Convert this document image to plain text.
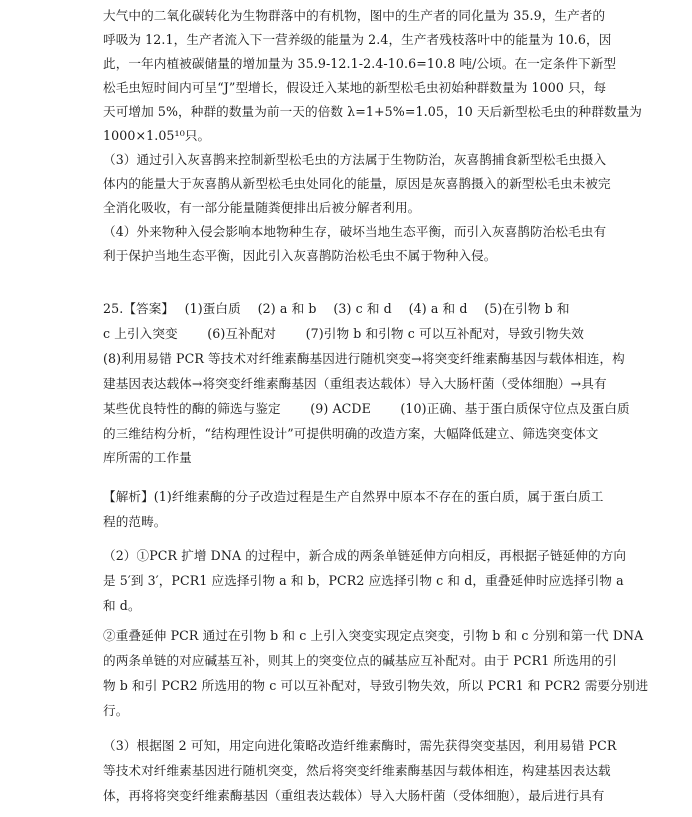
大气中的二氧化碳转化为生物群落中的有机物，图中的生产者的同化量为 35.9，生产者的
呼吸为 12.1，生产者流入下一营养级的能量为 2.4，生产者残枝落叶中的能量为 10.6，因
此，一年内植被碳储量的增加量为 35.9-12.1-2.4-10.6=10.8 吨/公顷。在一定条件下新型
松毛虫短时间内可呈“J”型增长，假设迁入某地的新型松毛虫初始种群数量为 1000 只，每
天可增加 5%，种群的数量为前一天的倍数 λ=1+5%=1.05，10 天后新型松毛虫的种群数量为
1000×1.05¹⁰只。
（3）通过引入灰喜鹊来控制新型松毛虫的方法属于生物防治，灰喜鹊捕食新型松毛虫摄入
体内的能量大于灰喜鹊从新型松毛虫处同化的能量，原因是灰喜鹊摄入的新型松毛虫未被完
全消化吸收，有一部分能量随粪便排出后被分解者利用。
（4）外来物种入侵会影响本地物种生存，破坏当地生态平衡，而引入灰喜鹊防治松毛虫有
利于保护当地生态平衡，因此引入灰喜鹊防治松毛虫不属于物种入侵。
25.【答案】　 (1)蛋白质　 (2) a 和 b　 (3) c 和 d　 (4) a 和 d　 (5)在引物 b 和
c 上引入突变　　 (6)互补配对　　 (7)引物 b 和引物 c 可以互补配对，导致引物失效
(8)利用易错 PCR 等技术对纤维素酶基因进行随机突变→将突变纤维素酶基因与载体相连，构
建基因表达载体→将突变纤维素酶基因（重组表达载体）导入大肠杆菌（受体细胞）→具有
某些优良特性的酶的筛选与鉴定　　 (9) ACDE　　 (10)正确、基于蛋白质保守位点及蛋白质
的三维结构分析，“结构理性设计”可提供明确的改造方案，大幅降低建立、筛选突变体文
库所需的工作量
【解析】(1)纤维素酶的分子改造过程是生产自然界中原本不存在的蛋白质，属于蛋白质工
程的范畴。
（2）①PCR 扩增 DNA 的过程中，新合成的两条单链延伸方向相反，再根据子链延伸的方向
是 5′到 3′，PCR1 应选择引物 a 和 b，PCR2 应选择引物 c 和 d，重叠延伸时应选择引物 a
和 d。
②重叠延伸 PCR 通过在引物 b 和 c 上引入突变实现定点突变，引物 b 和 c 分别和第一代 DNA
的两条单链的对应碱基互补，则其上的突变位点的碱基应互补配对。由于 PCR1 所选用的引
物 b 和引 PCR2 所选用的物 c 可以互补配对，导致引物失效，所以 PCR1 和 PCR2 需要分别进
行。
（3）根据图 2 可知，用定向进化策略改造纤维素酶时，需先获得突变基因，利用易错 PCR
等技术对纤维素基因进行随机突变，然后将突变纤维素酶基因与载体相连，构建基因表达载
体，再将将突变纤维素酶基因（重组表达载体）导入大肠杆菌（受体细胞），最后进行具有
